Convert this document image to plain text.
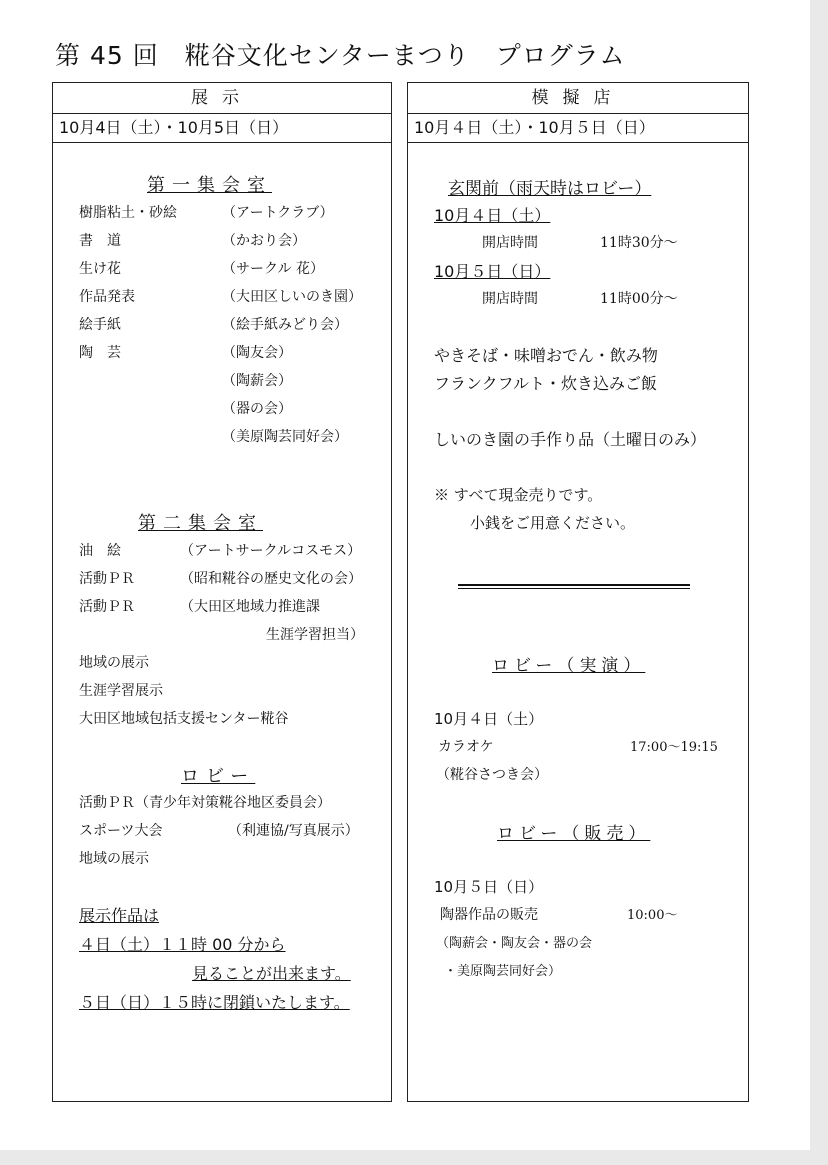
第 45 回　糀谷文化センターまつり　プログラム
展示
10月4日（土）・10月5日（日）
第一集会室
樹脂粘土・砂絵	（アートクラブ）
書　道	（かおり会）
生け花	（サークル 花）
作品発表	（大田区しいのき園）
絵手紙	（絵手紙みどり会）
陶　芸	（陶友会）
（陶薪会）
（器の会）
（美原陶芸同好会）
第二集会室
油　絵	（アートサークルコスモス）
活動ＰＲ	（昭和糀谷の歴史文化の会）
活動ＰＲ	（大田区地域力推進課
生涯学習担当）
地域の展示
生涯学習展示
大田区地域包括支援センター糀谷
ロビー
活動ＰＲ（青少年対策糀谷地区委員会）
スポーツ大会	（利連協/写真展示）
地域の展示
展示作品は
４日（土）１１時 00 分から
見ることが出来ます。
５日（日）１５時に閉鎖いたします。
模擬店
10月４日（土）・10月５日（日）
玄関前（雨天時はロビー）
10月４日（土）
開店時間	11時30分～
10月５日（日）
開店時間	11時00分～
やきそば・味噌おでん・飲み物
フランクフルト・炊き込みご飯
しいのき園の手作り品（土曜日のみ）
※ すべて現金売りです。
小銭をご用意ください。
ロビー（実演）
10月４日（土）
カラオケ	17:00～19:15
（糀谷さつき会）
ロビー（販売）
10月５日（日）
陶器作品の販売	10:00～
（陶薪会・陶友会・器の会
・美原陶芸同好会）
